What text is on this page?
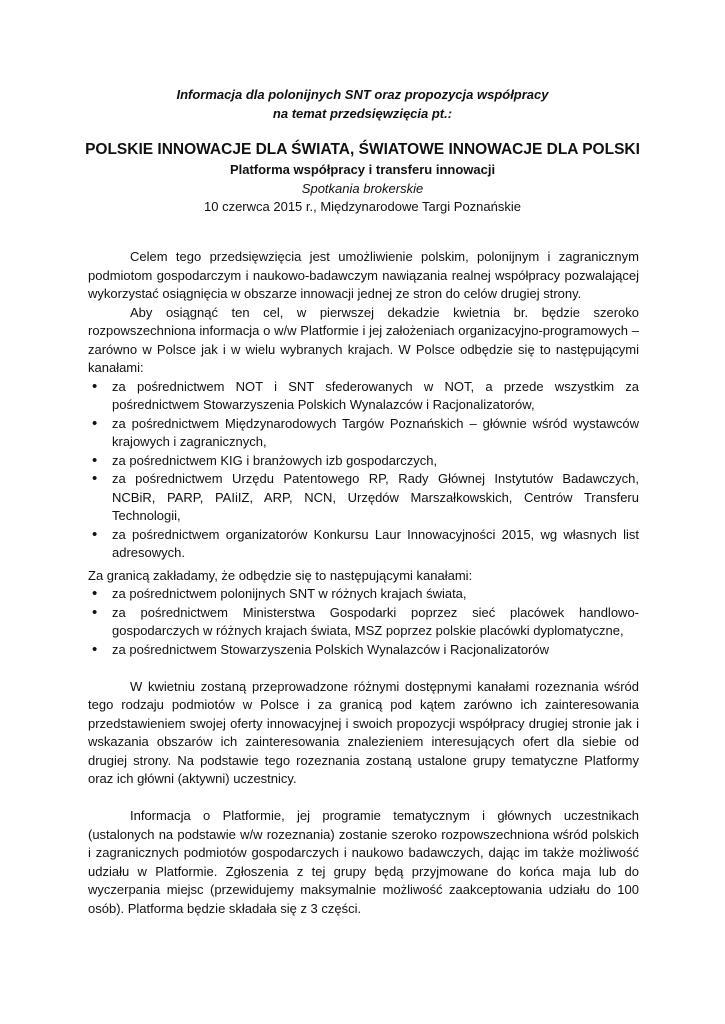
Informacja dla polonijnych SNT oraz propozycja współpracy
na temat przedsięwzięcia pt.:
POLSKIE INNOWACJE DLA ŚWIATA, ŚWIATOWE INNOWACJE DLA POLSKI
Platforma współpracy i transferu innowacji
Spotkania brokerskie
10 czerwca 2015 r., Międzynarodowe Targi Poznańskie

Celem tego przedsięwzięcia jest umożliwienie polskim, polonijnym i zagranicznym podmiotom gospodarczym i naukowo-badawczym nawiązania realnej współpracy pozwalającej wykorzystać osiągnięcia w obszarze innowacji jednej ze stron do celów drugiej strony.

Aby osiągnąć ten cel, w pierwszej dekadzie kwietnia br. będzie szeroko rozpowszechniona informacja o w/w Platformie i jej założeniach organizacyjno-programowych – zarówno w Polsce jak i w wielu wybranych krajach. W Polsce odbędzie się to następującymi kanałami:

• za pośrednictwem NOT i SNT sfederowanych w NOT, a przede wszystkim za pośrednictwem Stowarzyszenia Polskich Wynalazców i Racjonalizatorów,
• za pośrednictwem Międzynarodowych Targów Poznańskich – głównie wśród wystawców krajowych i zagranicznych,
• za pośrednictwem KIG i branżowych izb gospodarczych,
• za pośrednictwem Urzędu Patentowego RP, Rady Głównej Instytutów Badawczych, NCBiR, PARP, PAIiIZ, ARP, NCN, Urzędów Marszałkowskich, Centrów Transferu Technologii,
• za pośrednictwem organizatorów Konkursu Laur Innowacyjności 2015, wg własnych list adresowych.

Za granicą zakładamy, że odbędzie się to następującymi kanałami:

• za pośrednictwem polonijnych SNT w różnych krajach świata,
• za pośrednictwem Ministerstwa Gospodarki poprzez sieć placówek handlowo-gospodarczych w różnych krajach świata, MSZ poprzez polskie placówki dyplomatyczne,
• za pośrednictwem Stowarzyszenia Polskich Wynalazców i Racjonalizatorów

W kwietniu zostaną przeprowadzone różnymi dostępnymi kanałami rozeznania wśród tego rodzaju podmiotów w Polsce i za granicą pod kątem zarówno ich zainteresowania przedstawieniem swojej oferty innowacyjnej i swoich propozycji współpracy drugiej stronie jak i wskazania obszarów ich zainteresowania znalezieniem interesujących ofert dla siebie od drugiej strony. Na podstawie tego rozeznania zostaną ustalone grupy tematyczne Platformy oraz ich główni (aktywni) uczestnicy.

Informacja o Platformie, jej programie tematycznym i głównych uczestnikach (ustalonych na podstawie w/w rozeznania) zostanie szeroko rozpowszechniona wśród polskich i zagranicznych podmiotów gospodarczych i naukowo badawczych, dając im także możliwość udziału w Platformie. Zgłoszenia z tej grupy będą przyjmowane do końca maja lub do wyczerpania miejsc (przewidujemy maksymalnie możliwość zaakceptowania udziału do 100 osób). Platforma będzie składała się z 3 części.
